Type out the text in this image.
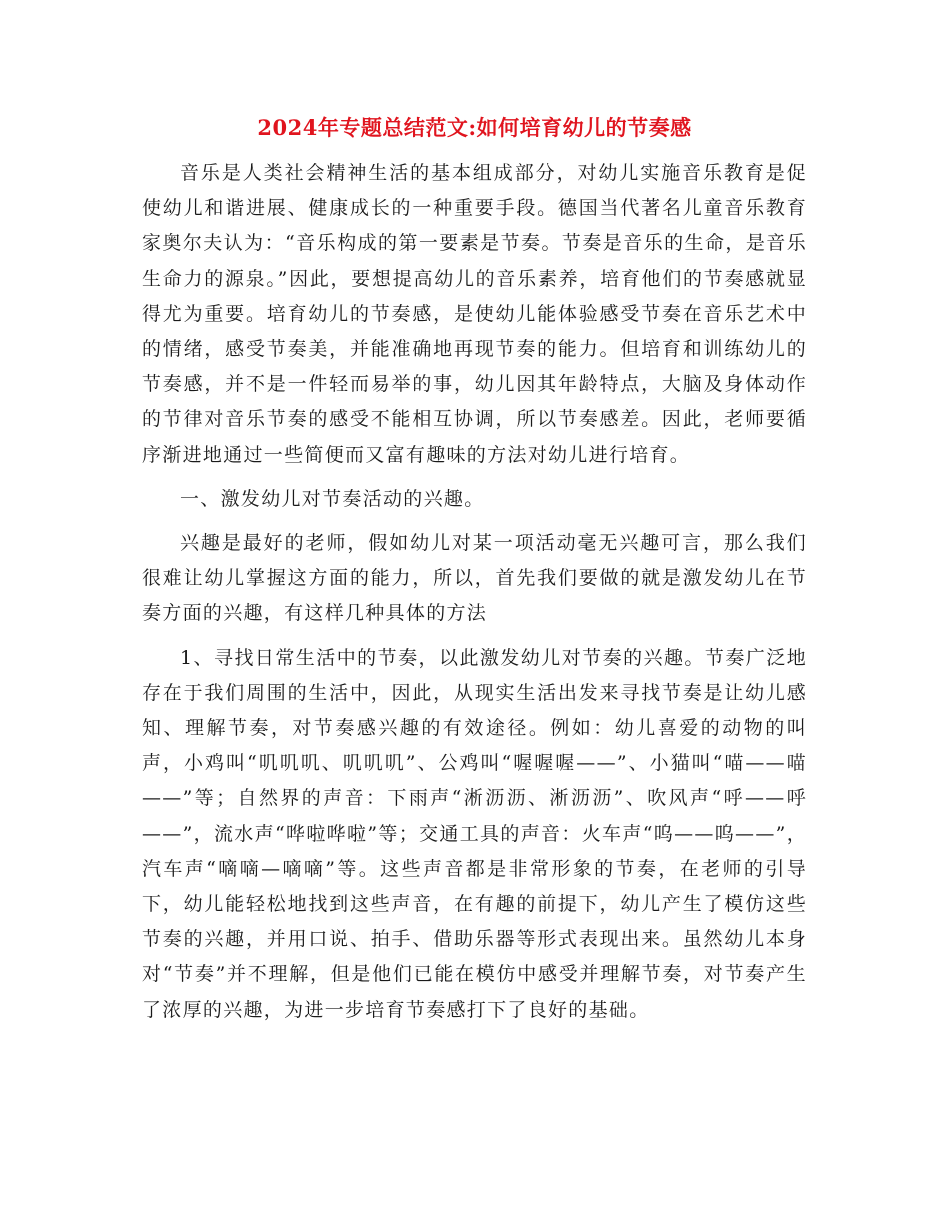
2024年专题总结范文:如何培育幼儿的节奏感

音乐是人类社会精神生活的基本组成部分，对幼儿实施音乐教育是促使幼儿和谐进展、健康成长的一种重要手段。德国当代著名儿童音乐教育家奥尔夫认为：“音乐构成的第一要素是节奏。节奏是音乐的生命，是音乐生命力的源泉。”因此，要想提高幼儿的音乐素养，培育他们的节奏感就显得尤为重要。培育幼儿的节奏感，是使幼儿能体验感受节奏在音乐艺术中的情绪，感受节奏美，并能准确地再现节奏的能力。但培育和训练幼儿的节奏感，并不是一件轻而易举的事，幼儿因其年龄特点，大脑及身体动作的节律对音乐节奏的感受不能相互协调，所以节奏感差。因此，老师要循序渐进地通过一些简便而又富有趣味的方法对幼儿进行培育。

一、激发幼儿对节奏活动的兴趣。

兴趣是最好的老师，假如幼儿对某一项活动毫无兴趣可言，那么我们很难让幼儿掌握这方面的能力，所以，首先我们要做的就是激发幼儿在节奏方面的兴趣，有这样几种具体的方法

1、寻找日常生活中的节奏，以此激发幼儿对节奏的兴趣。节奏广泛地存在于我们周围的生活中，因此，从现实生活出发来寻找节奏是让幼儿感知、理解节奏，对节奏感兴趣的有效途径。例如：幼儿喜爱的动物的叫声，小鸡叫“叽叽叽、叽叽叽”、公鸡叫“喔喔喔——”、小猫叫“喵——喵——”等；自然界的声音：下雨声“淅沥沥、淅沥沥”、吹风声“呼——呼——”，流水声“哗啦哗啦”等；交通工具的声音：火车声“呜——呜——”，汽车声“嘀嘀—嘀嘀”等。这些声音都是非常形象的节奏，在老师的引导下，幼儿能轻松地找到这些声音，在有趣的前提下，幼儿产生了模仿这些节奏的兴趣，并用口说、拍手、借助乐器等形式表现出来。虽然幼儿本身对“节奏”并不理解，但是他们已能在模仿中感受并理解节奏，对节奏产生了浓厚的兴趣，为进一步培育节奏感打下了良好的基础。
